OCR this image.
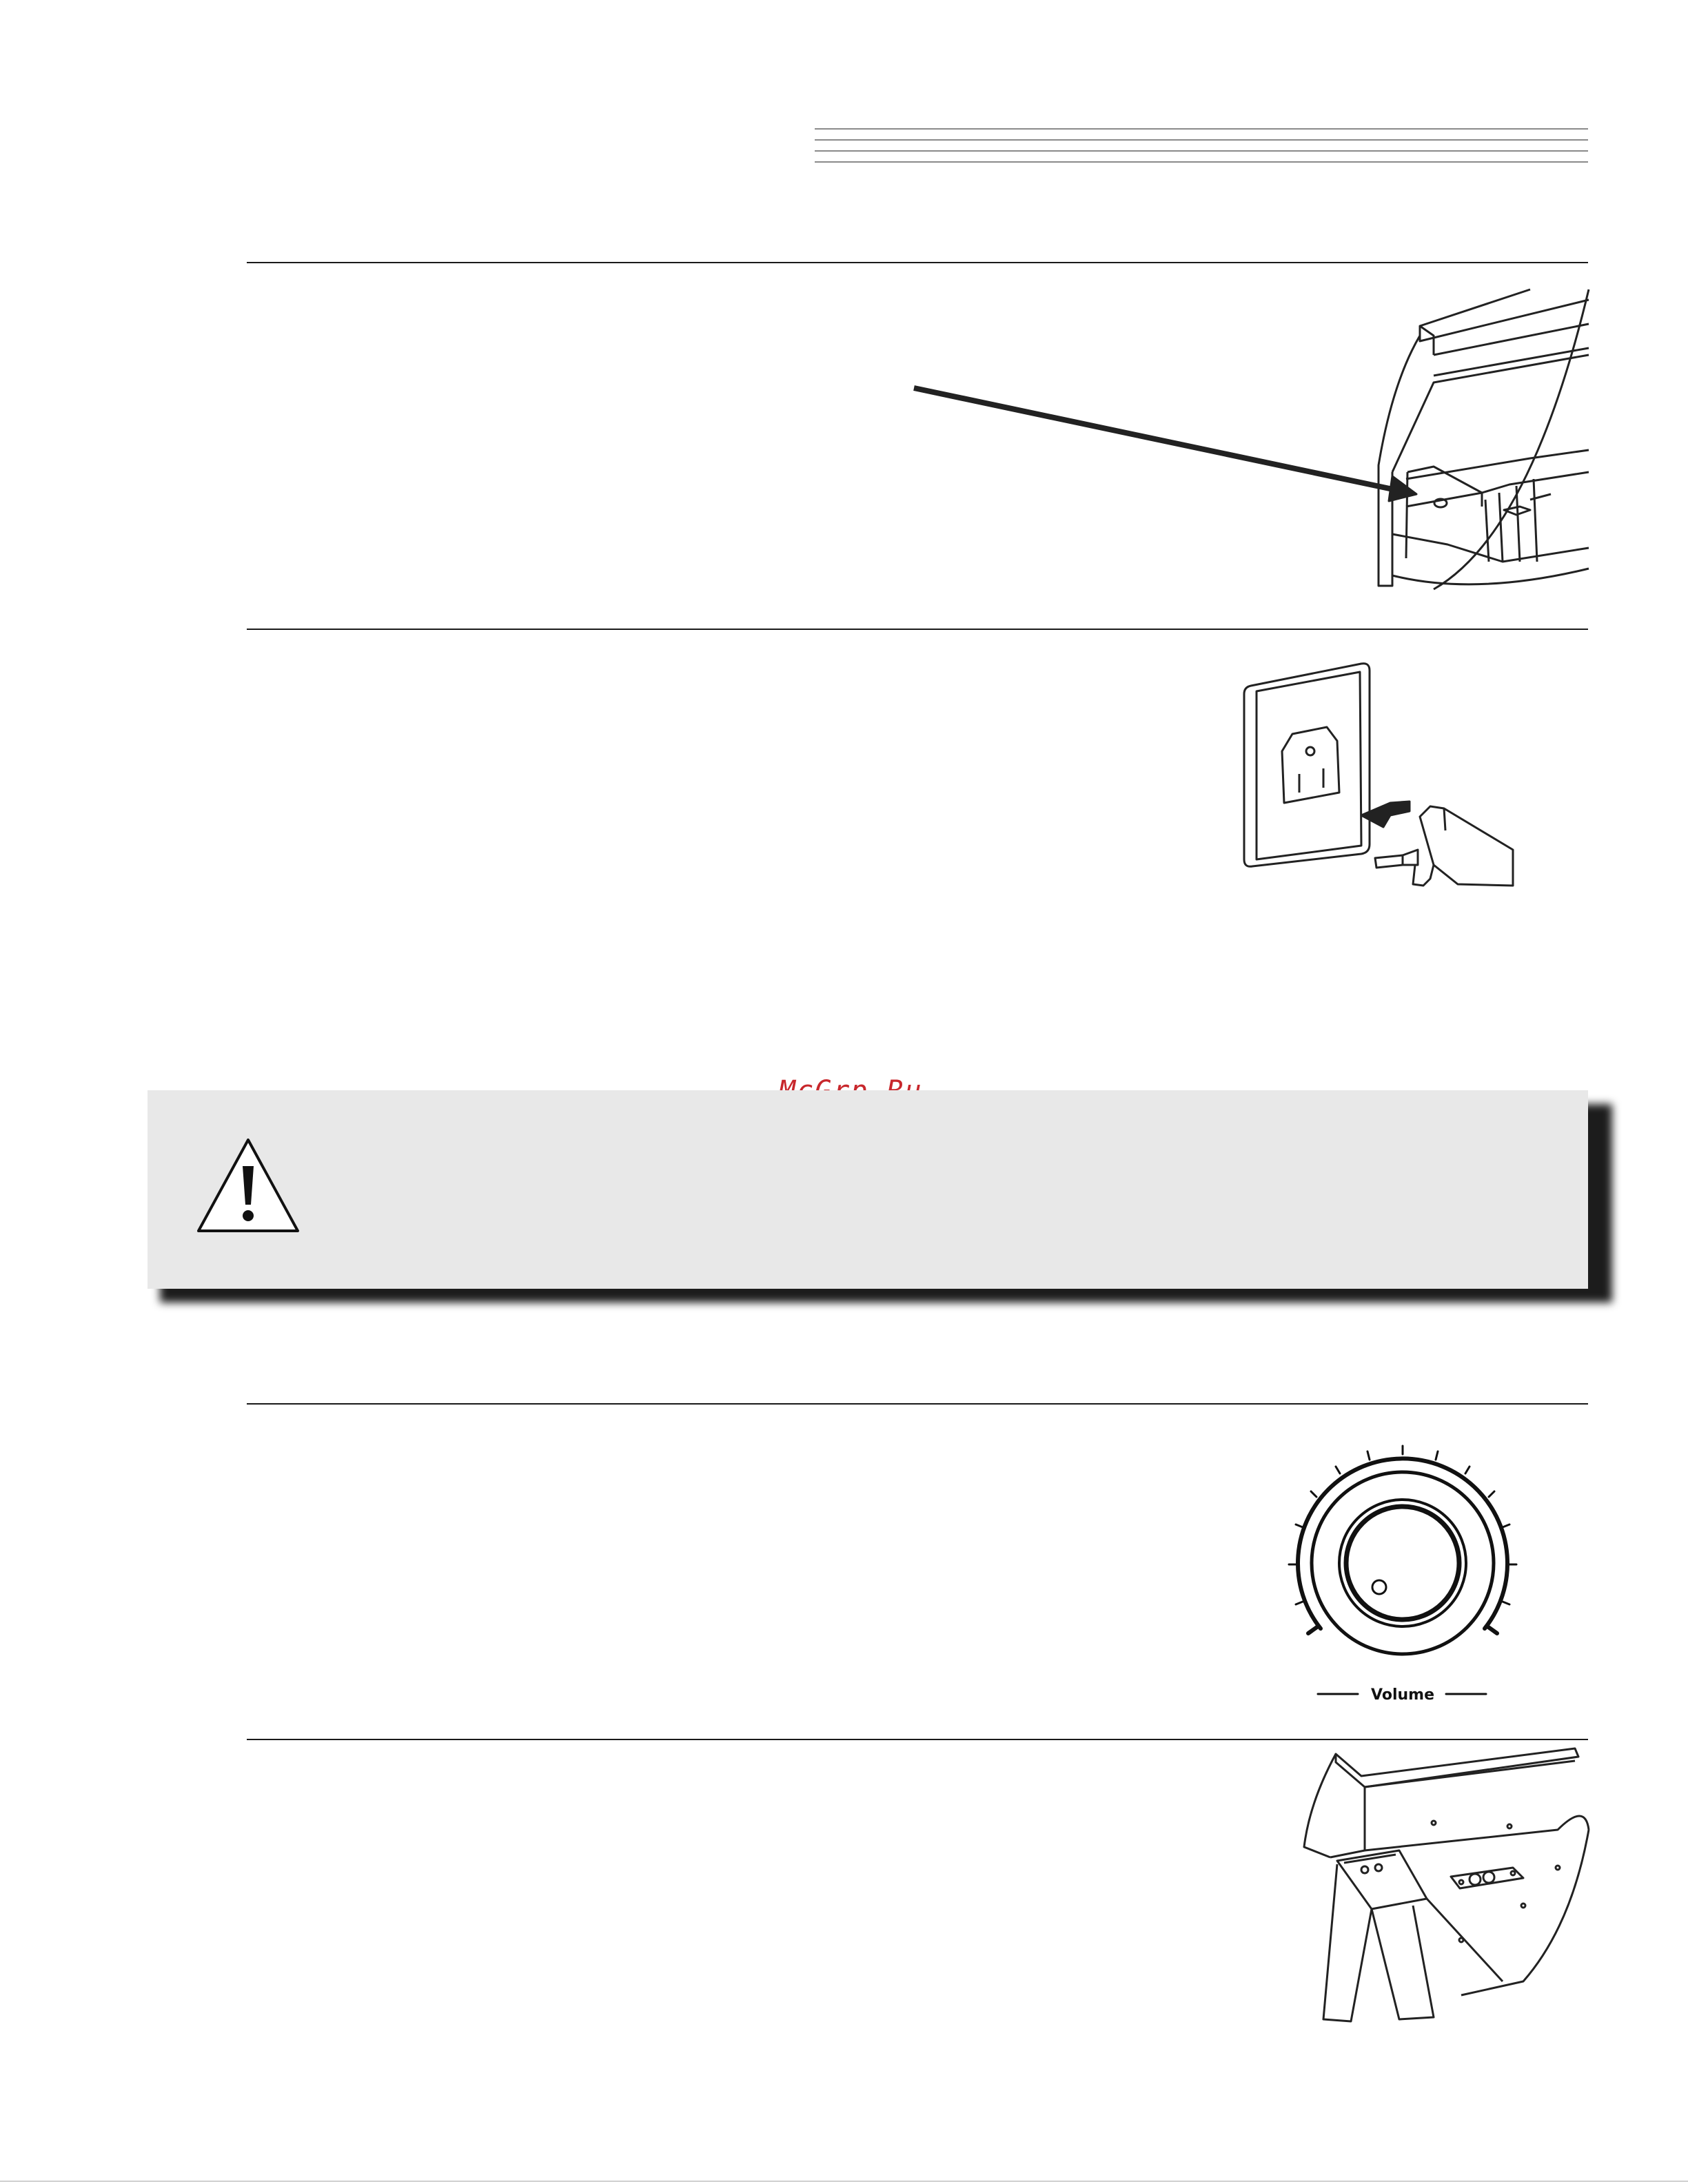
Volume
